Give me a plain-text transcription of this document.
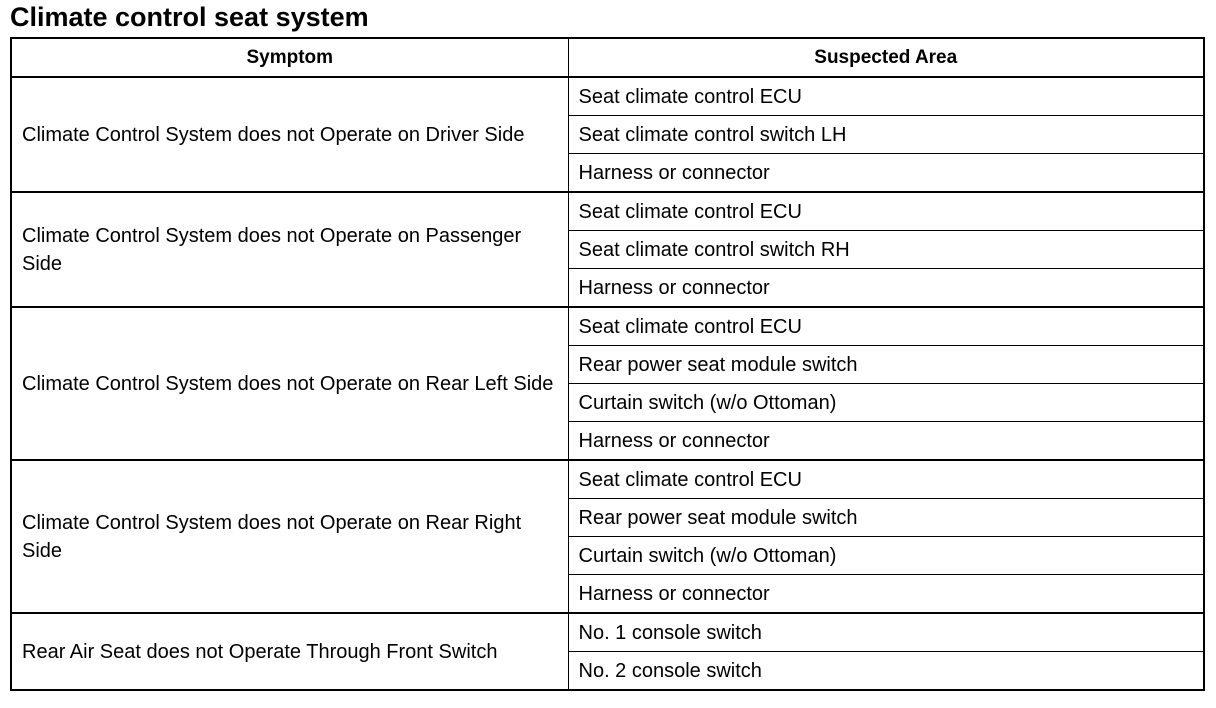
Climate control seat system
Symptom	Suspected Area
Climate Control System does not Operate on Driver Side	Seat climate control ECU
	Seat climate control switch LH
	Harness or connector
Climate Control System does not Operate on Passenger Side	Seat climate control ECU
	Seat climate control switch RH
	Harness or connector
Climate Control System does not Operate on Rear Left Side	Seat climate control ECU
	Rear power seat module switch
	Curtain switch (w/o Ottoman)
	Harness or connector
Climate Control System does not Operate on Rear Right Side	Seat climate control ECU
	Rear power seat module switch
	Curtain switch (w/o Ottoman)
	Harness or connector
Rear Air Seat does not Operate Through Front Switch	No. 1 console switch
	No. 2 console switch
